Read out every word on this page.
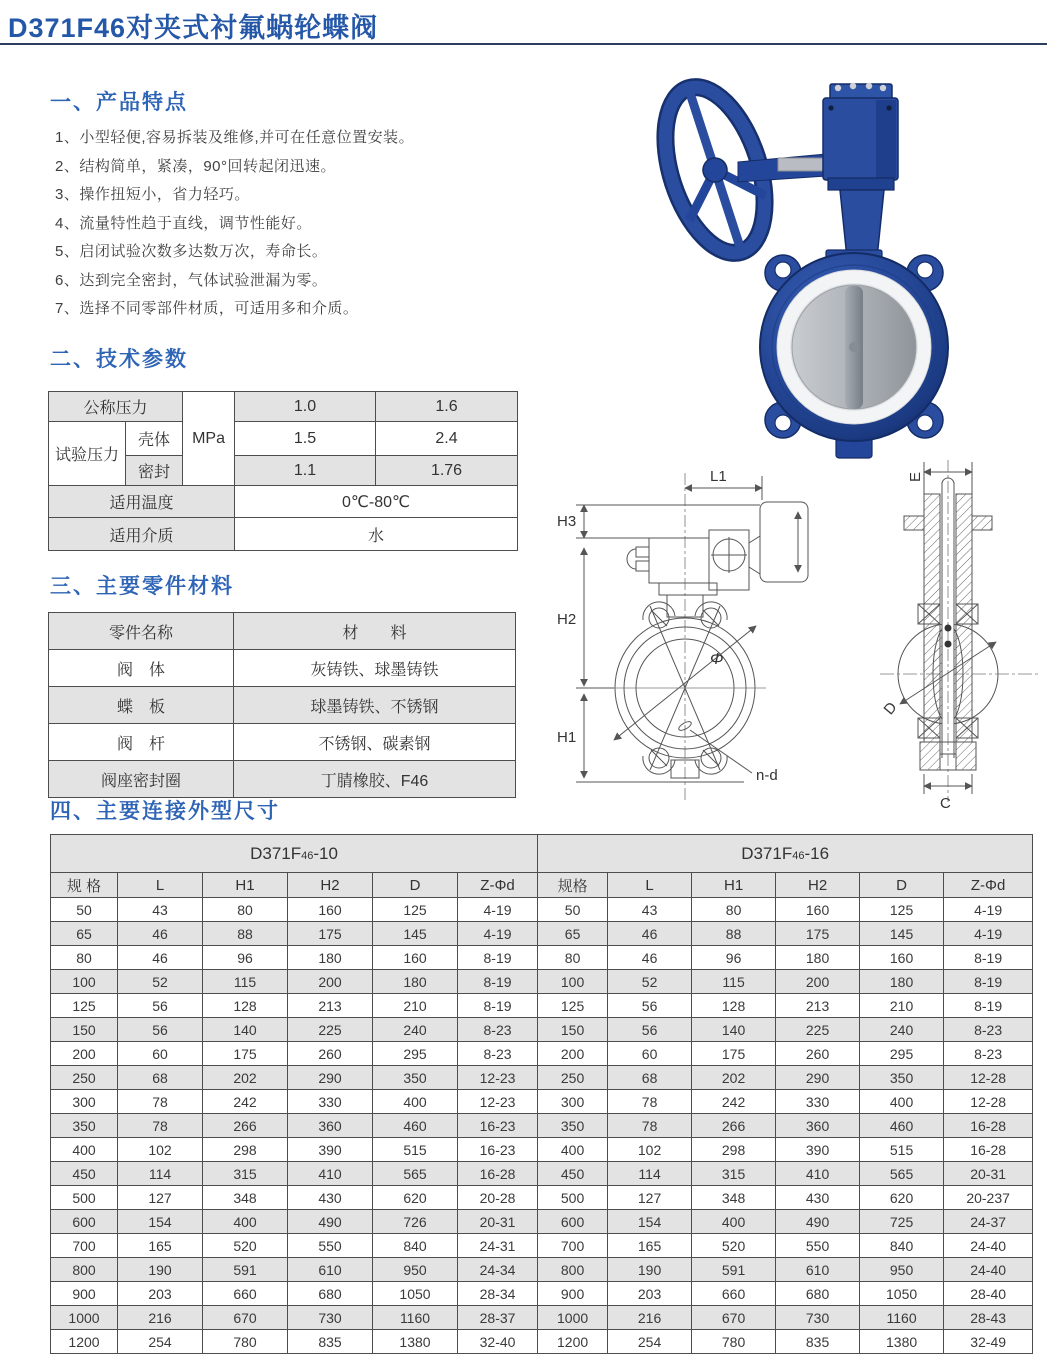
D371F46对夹式衬氟蜗轮蝶阀
一、产品特点
1、小型轻便,容易拆装及维修,并可在任意位置安装。
2、结构简单，紧凑，90°回转起闭迅速。
3、操作扭短小，省力轻巧。
4、流量特性趋于直线，调节性能好。
5、启闭试验次数多达数万次，寿命长。
6、达到完全密封，气体试验泄漏为零。
7、选择不同零部件材质，可适用多和介质。
二、技术参数
公称压力		MPa	1.0	1.6
试验压力	壳体		1.5	2.4
	密封		1.1	1.76
适用温度			0℃-80℃	
适用介质			水	
三、主要零件材料
零件名称	材　　料
阀　体	灰铸铁、球墨铸铁
蝶　板	球墨铸铁、不锈钢
阀　杆	不锈钢、碳素钢
阀座密封圈	丁腈橡胶、F46
L1
Φ
n-d
H3
H2
H1
E
D
C
四、主要连接外型尺寸
D371F46-10						D371F46-16					
规 格	L	H1	H2	D	Z-Φd	规格	L	H1	H2	D	Z-Φd
50	43	80	160	125	4-19	50	43	80	160	125	4-19
65	46	88	175	145	4-19	65	46	88	175	145	4-19
80	46	96	180	160	8-19	80	46	96	180	160	8-19
100	52	115	200	180	8-19	100	52	115	200	180	8-19
125	56	128	213	210	8-19	125	56	128	213	210	8-19
150	56	140	225	240	8-23	150	56	140	225	240	8-23
200	60	175	260	295	8-23	200	60	175	260	295	8-23
250	68	202	290	350	12-23	250	68	202	290	350	12-28
300	78	242	330	400	12-23	300	78	242	330	400	12-28
350	78	266	360	460	16-23	350	78	266	360	460	16-28
400	102	298	390	515	16-23	400	102	298	390	515	16-28
450	114	315	410	565	16-28	450	114	315	410	565	20-31
500	127	348	430	620	20-28	500	127	348	430	620	20-237
600	154	400	490	726	20-31	600	154	400	490	725	24-37
700	165	520	550	840	24-31	700	165	520	550	840	24-40
800	190	591	610	950	24-34	800	190	591	610	950	24-40
900	203	660	680	1050	28-34	900	203	660	680	1050	28-40
1000	216	670	730	1160	28-37	1000	216	670	730	1160	28-43
1200	254	780	835	1380	32-40	1200	254	780	835	1380	32-49
